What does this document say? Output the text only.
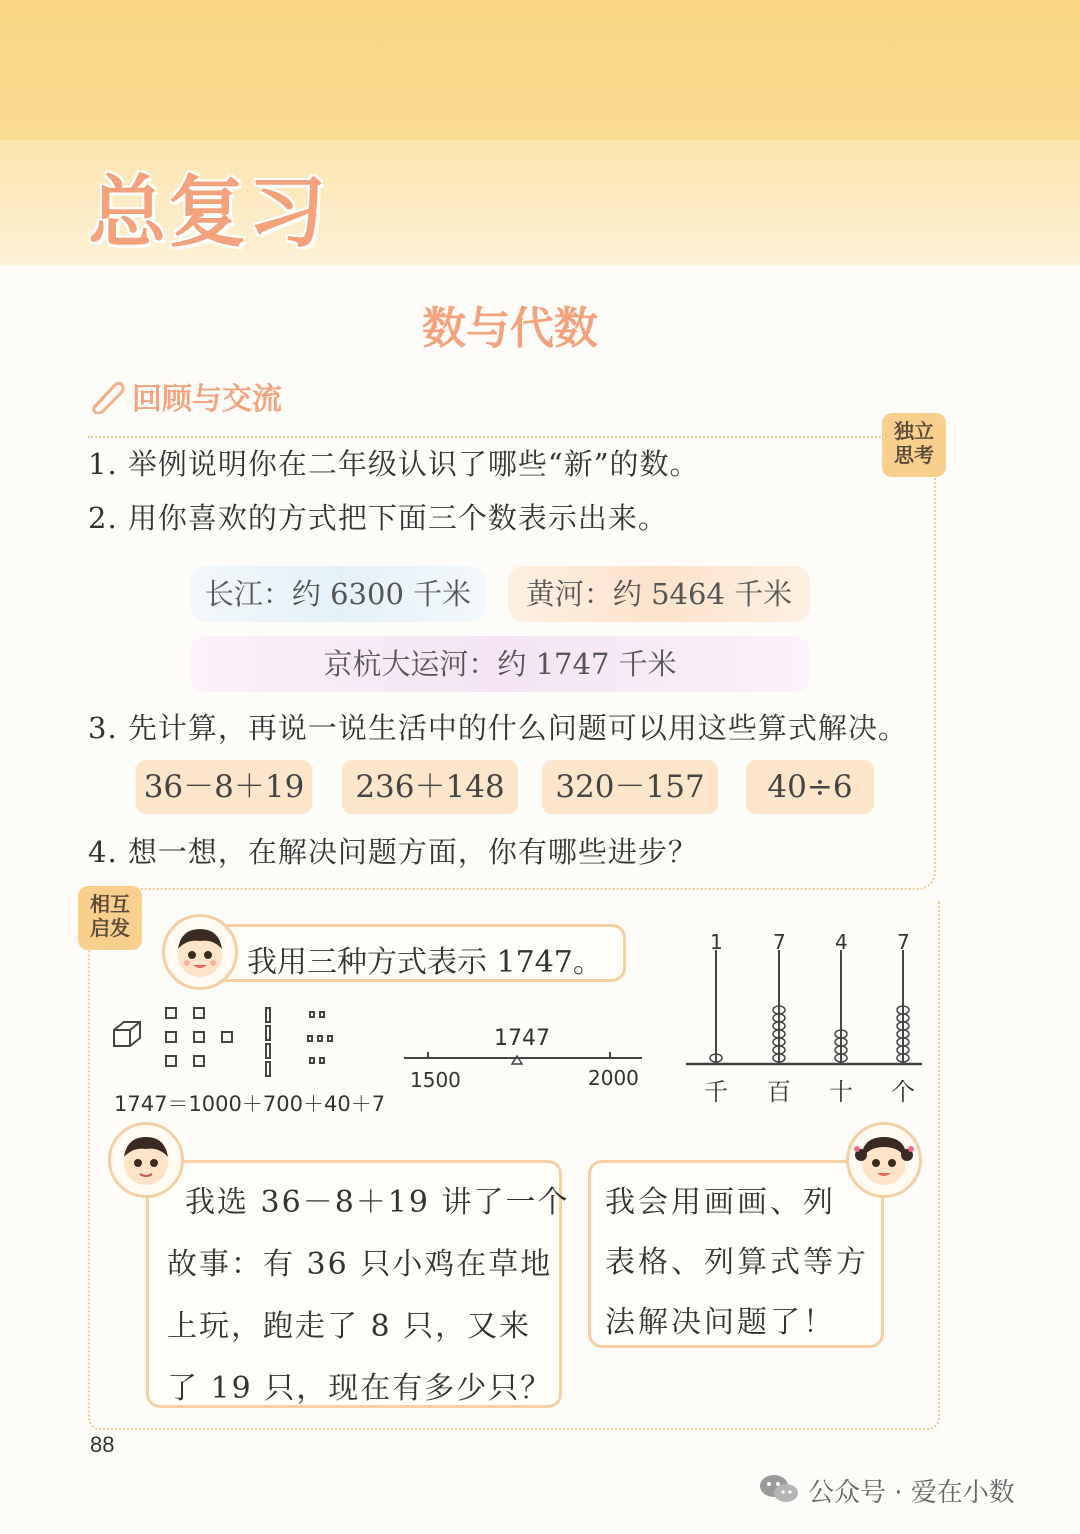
总复习
数与代数
回顾与交流
独立
思考
1. 举例说明你在二年级认识了哪些“新”的数。
2. 用你喜欢的方式把下面三个数表示出来。
长江：约 6300 千米	黄河：约 5464 千米
京杭大运河：约 1747 千米
3. 先计算，再说一说生活中的什么问题可以用这些算式解决。
36－8＋19	236＋148	320－157	40÷6
4. 想一想，在解决问题方面，你有哪些进步？
相互
启发
我用三种方式表示 1747。
1747＝1000＋700＋40＋7
1747
1500	2000
1	7 4 7
千 百 十 个
我选 36－8＋19 讲了一个
故事：有 36 只小鸡在草地
上玩，跑走了 8 只，又来
了 19 只，现在有多少只？
我会用画画、列
表格、列算式等方
法解决问题了！
88
公众号 · 爱在小数
